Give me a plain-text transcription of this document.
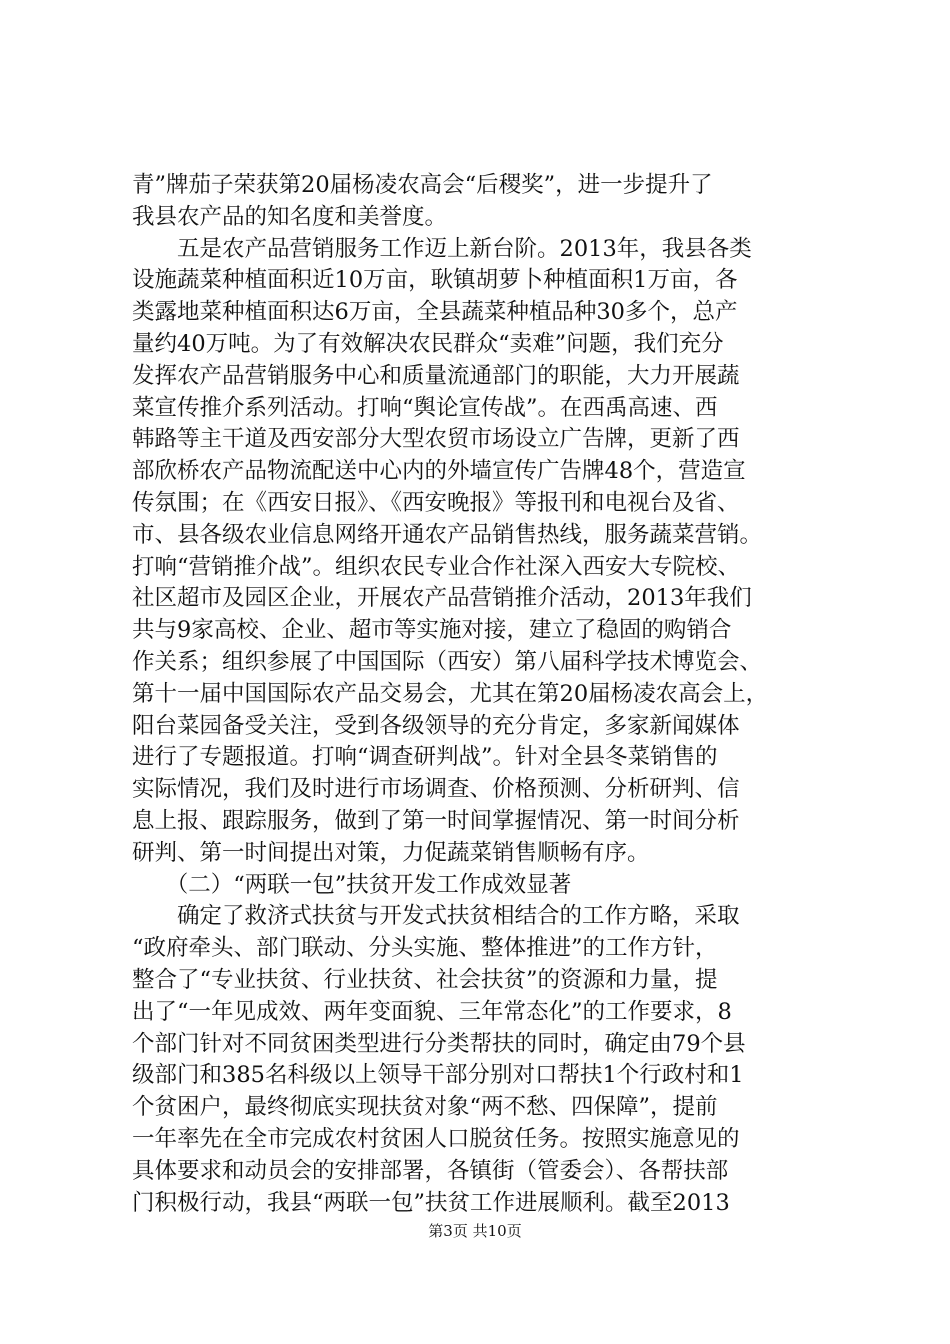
青”牌茄子荣获第20届杨凌农高会“后稷奖”，进一步提升了
我县农产品的知名度和美誉度。
　　五是农产品营销服务工作迈上新台阶。2013年，我县各类
设施蔬菜种植面积近10万亩，耿镇胡萝卜种植面积1万亩，各
类露地菜种植面积达6万亩，全县蔬菜种植品种30多个，总产
量约40万吨。为了有效解决农民群众“卖难”问题，我们充分
发挥农产品营销服务中心和质量流通部门的职能，大力开展蔬
菜宣传推介系列活动。打响“舆论宣传战”。在西禹高速、西
韩路等主干道及西安部分大型农贸市场设立广告牌，更新了西
部欣桥农产品物流配送中心内的外墙宣传广告牌48个，营造宣
传氛围；在《西安日报》、《西安晚报》等报刊和电视台及省、
市、县各级农业信息网络开通农产品销售热线，服务蔬菜营销。
打响“营销推介战”。组织农民专业合作社深入西安大专院校、
社区超市及园区企业，开展农产品营销推介活动，2013年我们
共与9家高校、企业、超市等实施对接，建立了稳固的购销合
作关系；组织参展了中国国际（西安）第八届科学技术博览会、
第十一届中国国际农产品交易会，尤其在第20届杨凌农高会上，
阳台菜园备受关注，受到各级领导的充分肯定，多家新闻媒体
进行了专题报道。打响“调查研判战”。针对全县冬菜销售的
实际情况，我们及时进行市场调查、价格预测、分析研判、信
息上报、跟踪服务，做到了第一时间掌握情况、第一时间分析
研判、第一时间提出对策，力促蔬菜销售顺畅有序。
　　（二）“两联一包”扶贫开发工作成效显著
　　确定了救济式扶贫与开发式扶贫相结合的工作方略，采取
“政府牵头、部门联动、分头实施、整体推进”的工作方针，
整合了“专业扶贫、行业扶贫、社会扶贫”的资源和力量，提
出了“一年见成效、两年变面貌、三年常态化”的工作要求，8
个部门针对不同贫困类型进行分类帮扶的同时，确定由79个县
级部门和385名科级以上领导干部分别对口帮扶1个行政村和1
个贫困户，最终彻底实现扶贫对象“两不愁、四保障”，提前
一年率先在全市完成农村贫困人口脱贫任务。按照实施意见的
具体要求和动员会的安排部署，各镇街（管委会）、各帮扶部
门积极行动，我县“两联一包”扶贫工作进展顺利。截至2013
第3页 共10页
